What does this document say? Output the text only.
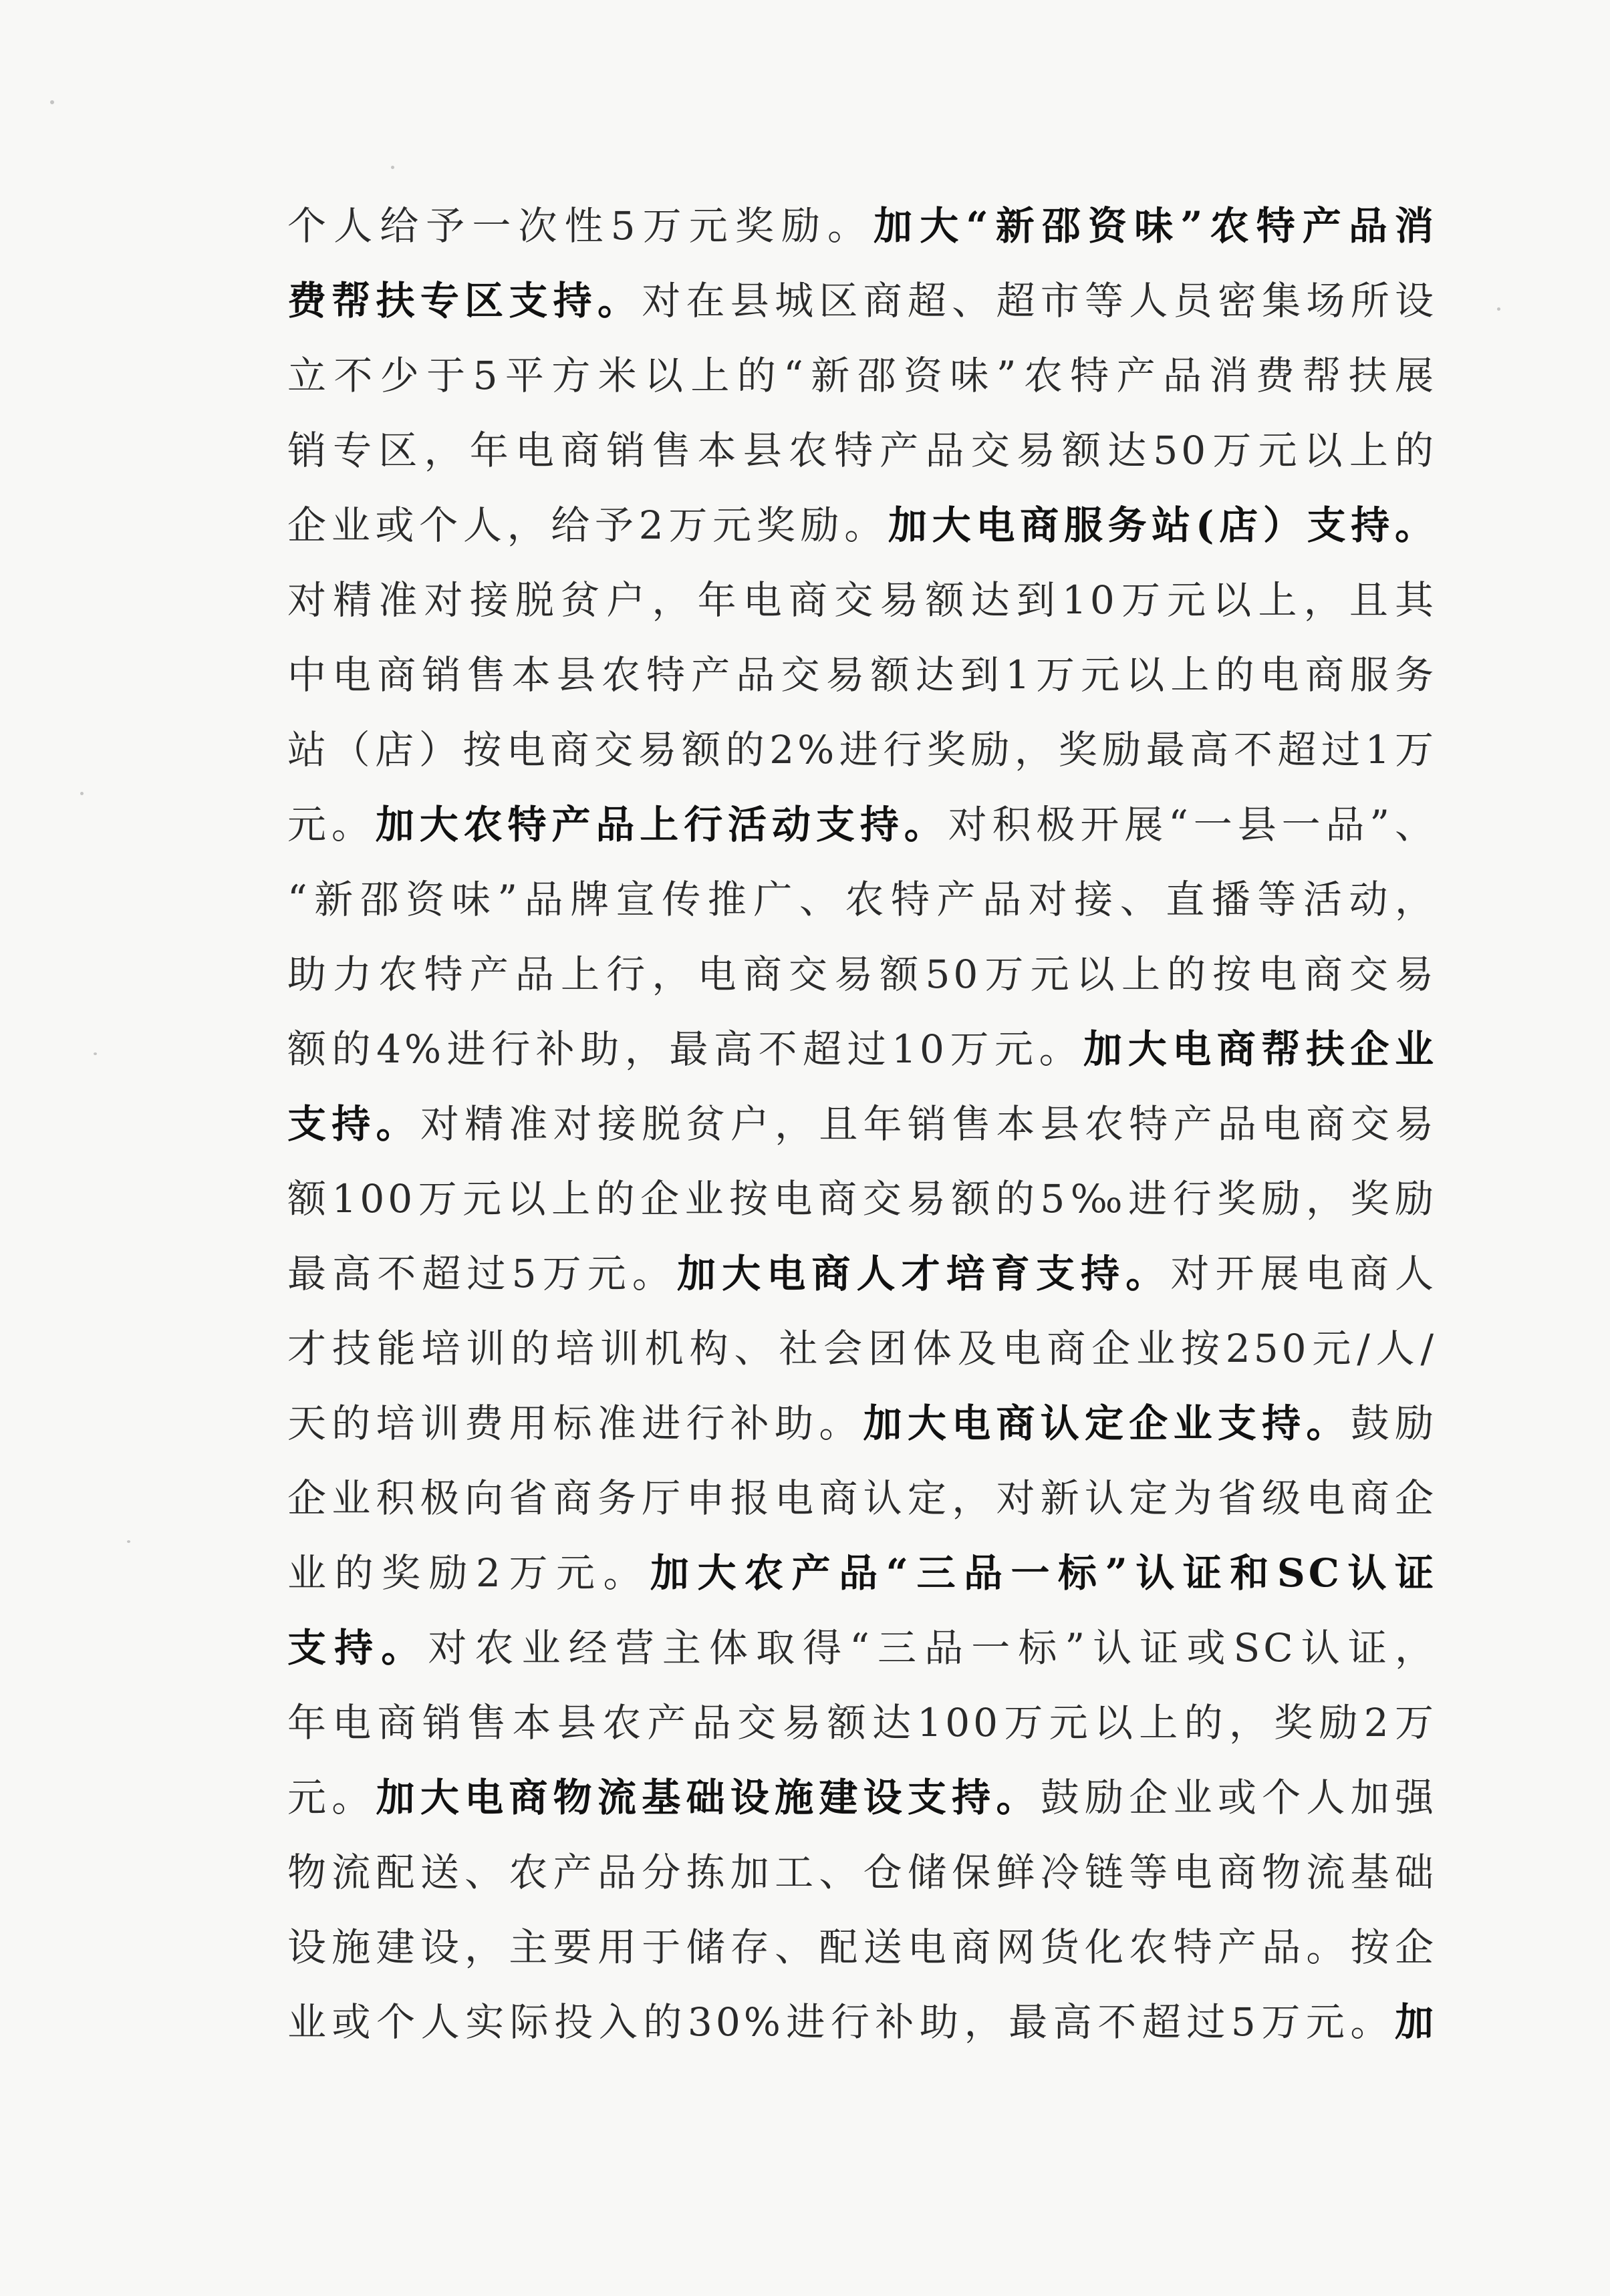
个人给予一次性5万元奖励。加大“新邵资味”农特产品消
费帮扶专区支持。对在县城区商超、超市等人员密集场所设
立不少于5平方米以上的“新邵资味”农特产品消费帮扶展
销专区，年电商销售本县农特产品交易额达50万元以上的
企业或个人，给予2万元奖励。加大电商服务站(店）支持。
对精准对接脱贫户，年电商交易额达到10万元以上，且其
中电商销售本县农特产品交易额达到1万元以上的电商服务
站（店）按电商交易额的2%进行奖励，奖励最高不超过1万
元。加大农特产品上行活动支持。对积极开展“一县一品”、
“新邵资味”品牌宣传推广、农特产品对接、直播等活动，
助力农特产品上行，电商交易额50万元以上的按电商交易
额的4%进行补助，最高不超过10万元。加大电商帮扶企业
支持。对精准对接脱贫户，且年销售本县农特产品电商交易
额100万元以上的企业按电商交易额的5‰进行奖励，奖励
最高不超过5万元。加大电商人才培育支持。对开展电商人
才技能培训的培训机构、社会团体及电商企业按250元/人/
天的培训费用标准进行补助。加大电商认定企业支持。鼓励
企业积极向省商务厅申报电商认定，对新认定为省级电商企
业的奖励2万元。加大农产品“三品一标”认证和SC认证
支持。对农业经营主体取得“三品一标”认证或SC认证，
年电商销售本县农产品交易额达100万元以上的，奖励2万
元。加大电商物流基础设施建设支持。鼓励企业或个人加强
物流配送、农产品分拣加工、仓储保鲜冷链等电商物流基础
设施建设，主要用于储存、配送电商网货化农特产品。按企
业或个人实际投入的30%进行补助，最高不超过5万元。加
